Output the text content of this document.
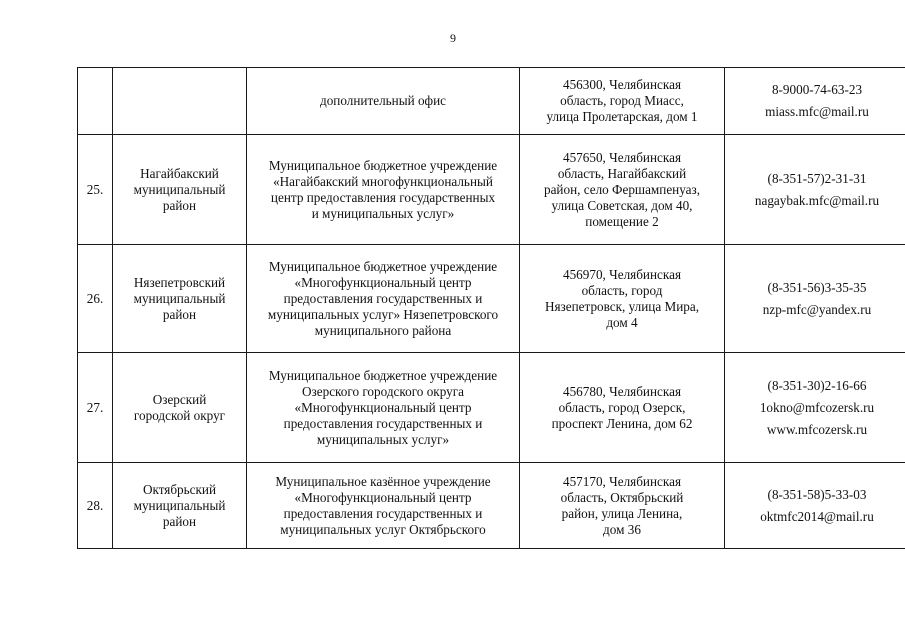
9
		дополнительный офис	456300, Челябинская
область, город Миасс,
улица Пролетарская, дом 1	8-9000-74-63-23
miass.mfc@mail.ru

25.	Нагайбакский
муниципальный
район	Муниципальное бюджетное учреждение
«Нагайбакский многофункциональный
центр предоставления государственных
и муниципальных услуг»	457650, Челябинская
область, Нагайбакский
район, село Фершампенуаз,
улица Советская, дом 40,
помещение 2	(8-351-57)2-31-31
nagaybak.mfc@mail.ru

26.	Нязепетровский
муниципальный
район	Муниципальное бюджетное учреждение
«Многофункциональный центр
предоставления государственных и
муниципальных услуг» Нязепетровского
муниципального района	456970, Челябинская
область, город
Нязепетровск, улица Мира,
дом 4	(8-351-56)3-35-35
nzp-mfc@yandex.ru

27.	Озерский
городской округ	Муниципальное бюджетное учреждение
Озерского городского округа
«Многофункциональный центр
предоставления государственных и
муниципальных услуг»	456780, Челябинская
область, город Озерск,
проспект Ленина, дом 62	(8-351-30)2-16-66
1okno@mfcozersk.ru
www.mfcozersk.ru

28.	Октябрьский
муниципальный
район	Муниципальное казённое учреждение
«Многофункциональный центр
предоставления государственных и
муниципальных услуг Октябрьского	457170, Челябинская
область, Октябрьский
район, улица Ленина,
дом 36	(8-351-58)5-33-03
oktmfc2014@mail.ru
